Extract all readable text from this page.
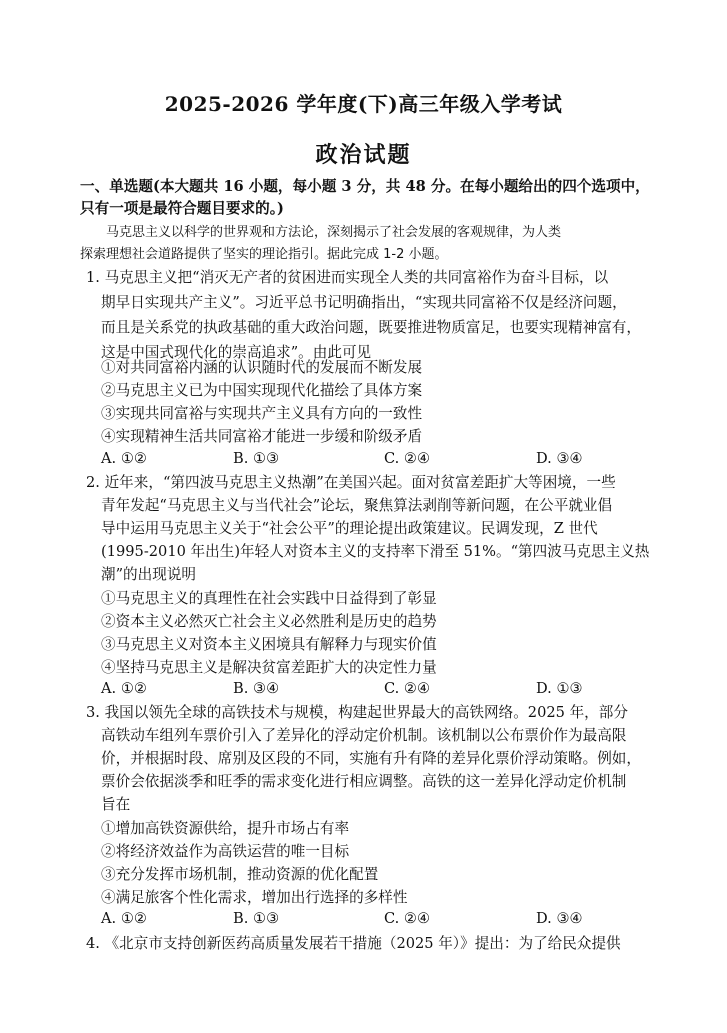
2025-2026 学年度(下)高三年级入学考试
政治试题
一、单选题(本大题共 16 小题，每小题 3 分，共 48 分。在每小题给出的四个选项中，
只有一项是最符合题目要求的。)
马克思主义以科学的世界观和方法论，深刻揭示了社会发展的客观规律，为人类
探索理想社会道路提供了坚实的理论指引。据此完成 1-2 小题。
1. 马克思主义把“消灭无产者的贫困进而实现全人类的共同富裕作为奋斗目标，以
期早日实现共产主义”。习近平总书记明确指出，“实现共同富裕不仅是经济问题，
而且是关系党的执政基础的重大政治问题，既要推进物质富足，也要实现精神富有，
这是中国式现代化的崇高追求”。由此可见
①对共同富裕内涵的认识随时代的发展而不断发展
②马克思主义已为中国实现现代化描绘了具体方案
③实现共同富裕与实现共产主义具有方向的一致性
④实现精神生活共同富裕才能进一步缓和阶级矛盾
A. ①②	B. ①③	C. ②④	D. ③④
2. 近年来，“第四波马克思主义热潮”在美国兴起。面对贫富差距扩大等困境，一些
青年发起“马克思主义与当代社会”论坛，聚焦算法剥削等新问题，在公平就业倡
导中运用马克思主义关于“社会公平”的理论提出政策建议。民调发现，Z 世代
(1995-2010 年出生)年轻人对资本主义的支持率下滑至 51%。“第四波马克思主义热
潮”的出现说明
①马克思主义的真理性在社会实践中日益得到了彰显
②资本主义必然灭亡社会主义必然胜利是历史的趋势
③马克思主义对资本主义困境具有解释力与现实价值
④坚持马克思主义是解决贫富差距扩大的决定性力量
A. ①②	B. ③④	C. ②④	D. ①③
3. 我国以领先全球的高铁技术与规模，构建起世界最大的高铁网络。2025 年，部分
高铁动车组列车票价引入了差异化的浮动定价机制。该机制以公布票价作为最高限
价，并根据时段、席别及区段的不同，实施有升有降的差异化票价浮动策略。例如，
票价会依据淡季和旺季的需求变化进行相应调整。高铁的这一差异化浮动定价机制
旨在
①增加高铁资源供给，提升市场占有率
②将经济效益作为高铁运营的唯一目标
③充分发挥市场机制，推动资源的优化配置
④满足旅客个性化需求，增加出行选择的多样性
A. ①②	B. ①③	C. ②④	D. ③④
4. 《北京市支持创新医药高质量发展若干措施（2025 年）》提出：为了给民众提供
